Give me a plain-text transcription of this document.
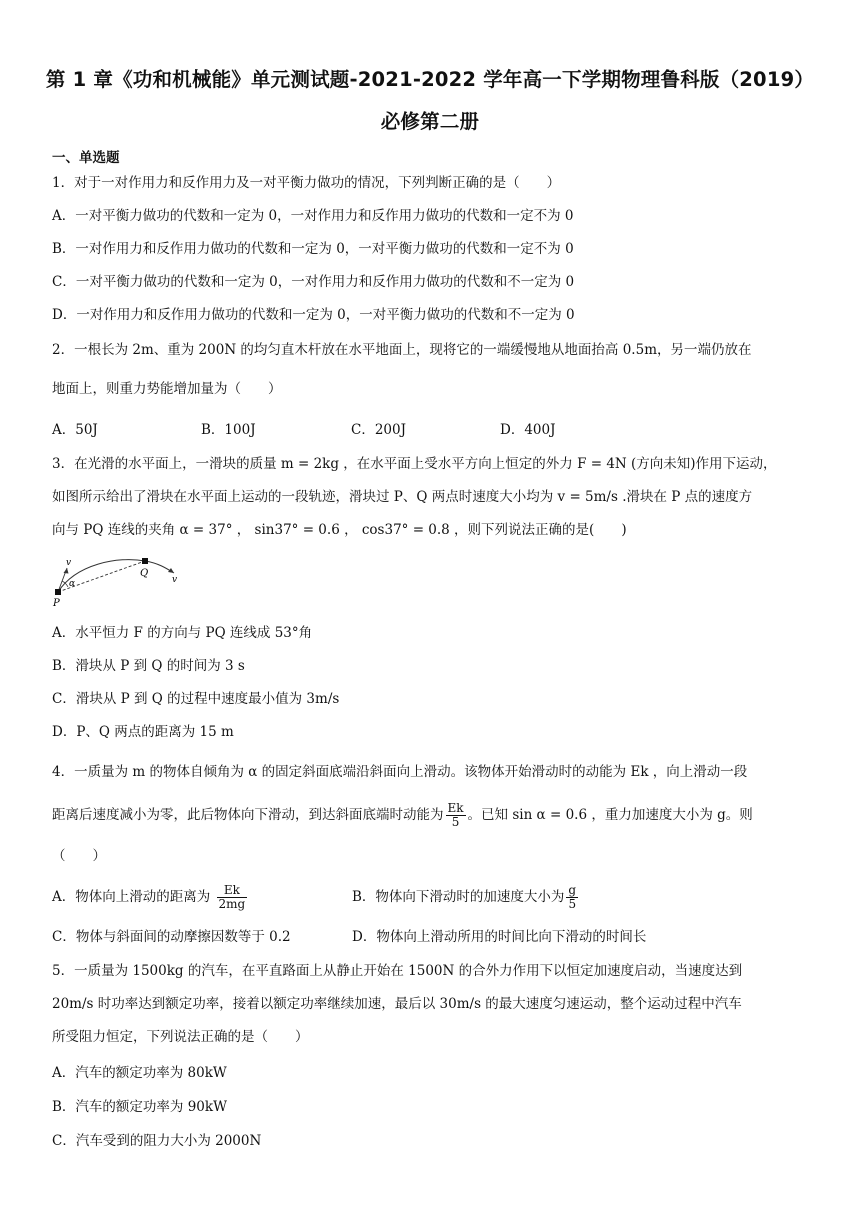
第 1 章《功和机械能》单元测试题-2021-2022 学年高一下学期物理鲁科版（2019）
必修第二册
一、单选题
1．对于一对作用力和反作用力及一对平衡力做功的情况，下列判断正确的是（　　）
A．一对平衡力做功的代数和一定为 0，一对作用力和反作用力做功的代数和一定不为 0
B．一对作用力和反作用力做功的代数和一定为 0，一对平衡力做功的代数和一定不为 0
C．一对平衡力做功的代数和一定为 0，一对作用力和反作用力做功的代数和不一定为 0
D．一对作用力和反作用力做功的代数和一定为 0，一对平衡力做功的代数和不一定为 0
2．一根长为 2m、重为 200N 的均匀直木杆放在水平地面上，现将它的一端缓慢地从地面抬高 0.5m，另一端仍放在
地面上，则重力势能增加量为（　　）
A．50J	B．100J	C．200J	D．400J
3．在光滑的水平面上，一滑块的质量 m = 2kg ，在水平面上受水平方向上恒定的外力 F = 4N (方向未知)作用下运动，
如图所示给出了滑块在水平面上运动的一段轨迹，滑块过 P、Q 两点时速度大小均为 v = 5m/s .滑块在 P 点的速度方
向与 PQ 连线的夹角 α = 37° ， sin37° = 0.6 ， cos37° = 0.8 ，则下列说法正确的是(　　)
v
α
P
Q
v
A．水平恒力 F 的方向与 PQ 连线成 53°角
B．滑块从 P 到 Q 的时间为 3 s
C．滑块从 P 到 Q 的过程中速度最小值为 3m/s
D．P、Q 两点的距离为 15 m
4．一质量为 m 的物体自倾角为 α 的固定斜面底端沿斜面向上滑动。该物体开始滑动时的动能为 Ek ，向上滑动一段
距离后速度减小为零，此后物体向下滑动，到达斜面底端时动能为 $\frac{Ek}{5}$ 。已知 sin α = 0.6 ，重力加速度大小为 g。则
（　　）
A．物体向上滑动的距离为 $\frac{Ek}{2mg}$	B．物体向下滑动时的加速度大小为 $\frac{g}{5}$
C．物体与斜面间的动摩擦因数等于 0.2	D．物体向上滑动所用的时间比向下滑动的时间长
5．一质量为 1500kg 的汽车，在平直路面上从静止开始在 1500N 的合外力作用下以恒定加速度启动，当速度达到
20m/s 时功率达到额定功率，接着以额定功率继续加速，最后以 30m/s 的最大速度匀速运动，整个运动过程中汽车
所受阻力恒定，下列说法正确的是（　　）
A．汽车的额定功率为 80kW
B．汽车的额定功率为 90kW
C．汽车受到的阻力大小为 2000N
